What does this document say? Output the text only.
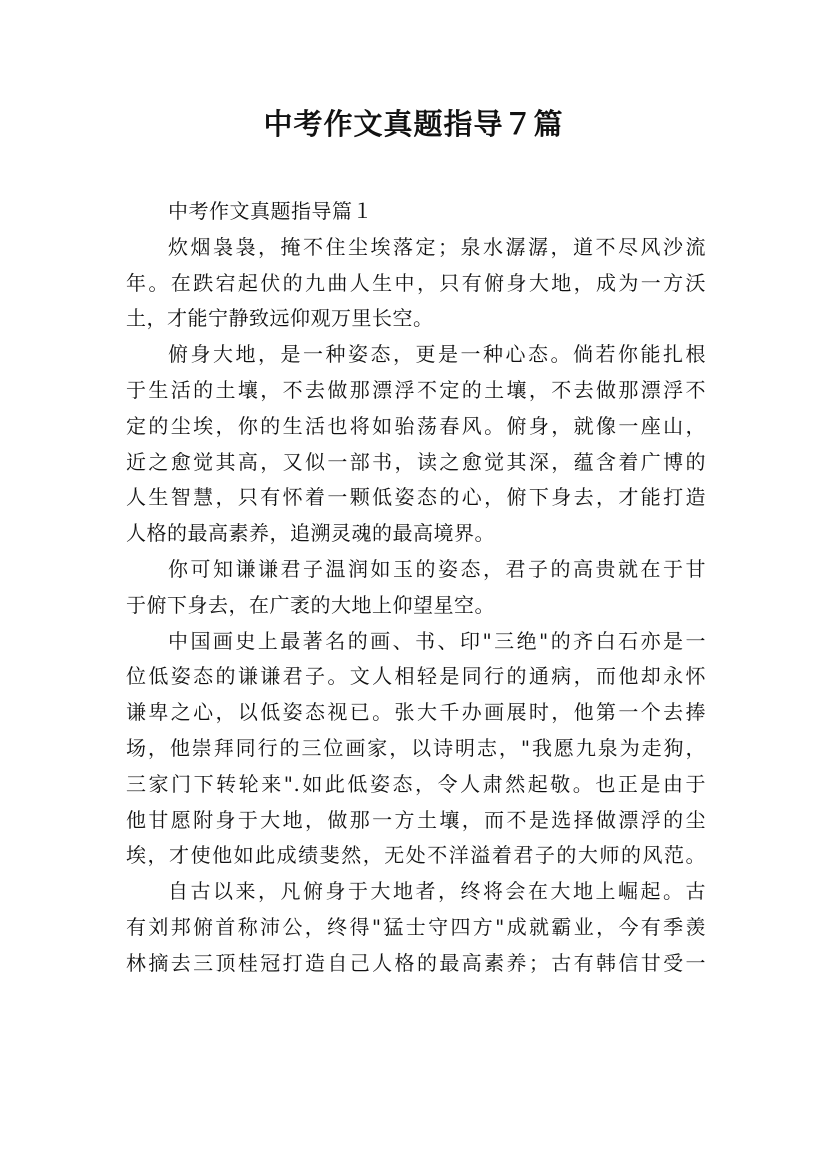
中考作文真题指导７篇
中考作文真题指导篇１
炊烟袅袅，掩不住尘埃落定；泉水潺潺，道不尽风沙流
年。在跌宕起伏的九曲人生中，只有俯身大地，成为一方沃
土，才能宁静致远仰观万里长空。
俯身大地，是一种姿态，更是一种心态。倘若你能扎根
于生活的土壤，不去做那漂浮不定的土壤，不去做那漂浮不
定的尘埃，你的生活也将如骀荡春风。俯身，就像一座山，
近之愈觉其高，又似一部书，读之愈觉其深，蕴含着广博的
人生智慧，只有怀着一颗低姿态的心，俯下身去，才能打造
人格的最高素养，追溯灵魂的最高境界。
你可知谦谦君子温润如玉的姿态，君子的高贵就在于甘
于俯下身去，在广袤的大地上仰望星空。
中国画史上最著名的画、书、印"三绝"的齐白石亦是一
位低姿态的谦谦君子。文人相轻是同行的通病，而他却永怀
谦卑之心，以低姿态视已。张大千办画展时，他第一个去捧
场，他崇拜同行的三位画家，以诗明志，"我愿九泉为走狗，
三家门下转轮来".如此低姿态，令人肃然起敬。也正是由于
他甘愿附身于大地，做那一方土壤，而不是选择做漂浮的尘
埃，才使他如此成绩斐然，无处不洋溢着君子的大师的风范。
自古以来，凡俯身于大地者，终将会在大地上崛起。古
有刘邦俯首称沛公，终得"猛士守四方"成就霸业，今有季羡
林摘去三顶桂冠打造自己人格的最高素养；古有韩信甘受一
